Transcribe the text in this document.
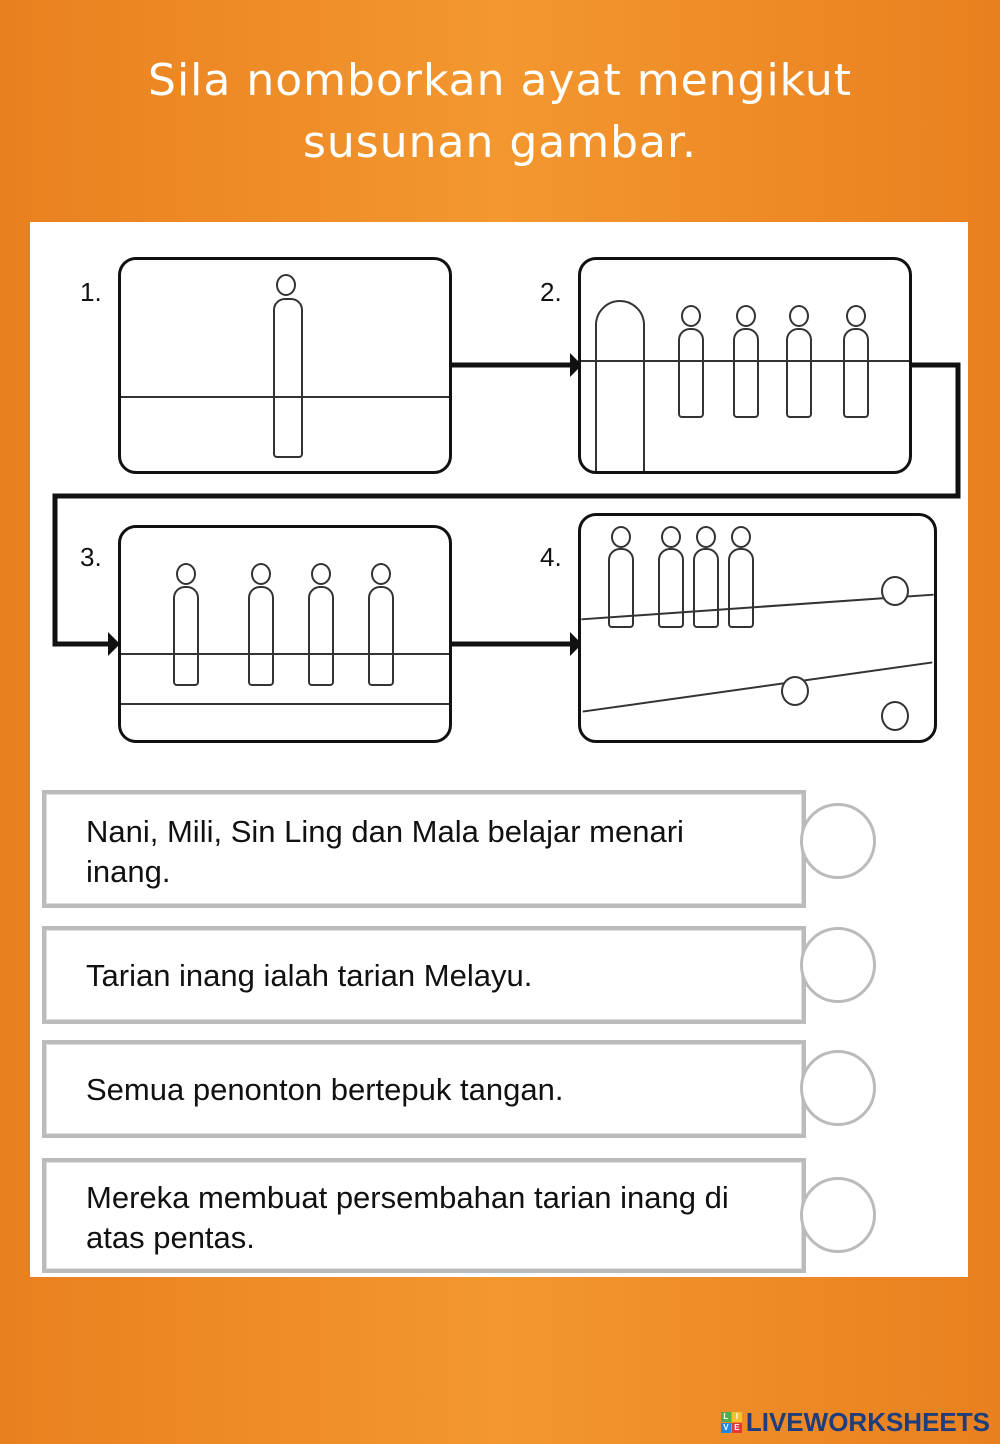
Sila nomborkan ayat mengikut
susunan gambar.
1.	2.
3.	4.
Nani, Mili, Sin Ling dan Mala belajar menari inang.
Tarian inang ialah tarian Melayu.
Semua penonton bertepuk tangan.
Mereka membuat persembahan tarian inang di atas pentas.
L I
V E LIVEWORKSHEETS
